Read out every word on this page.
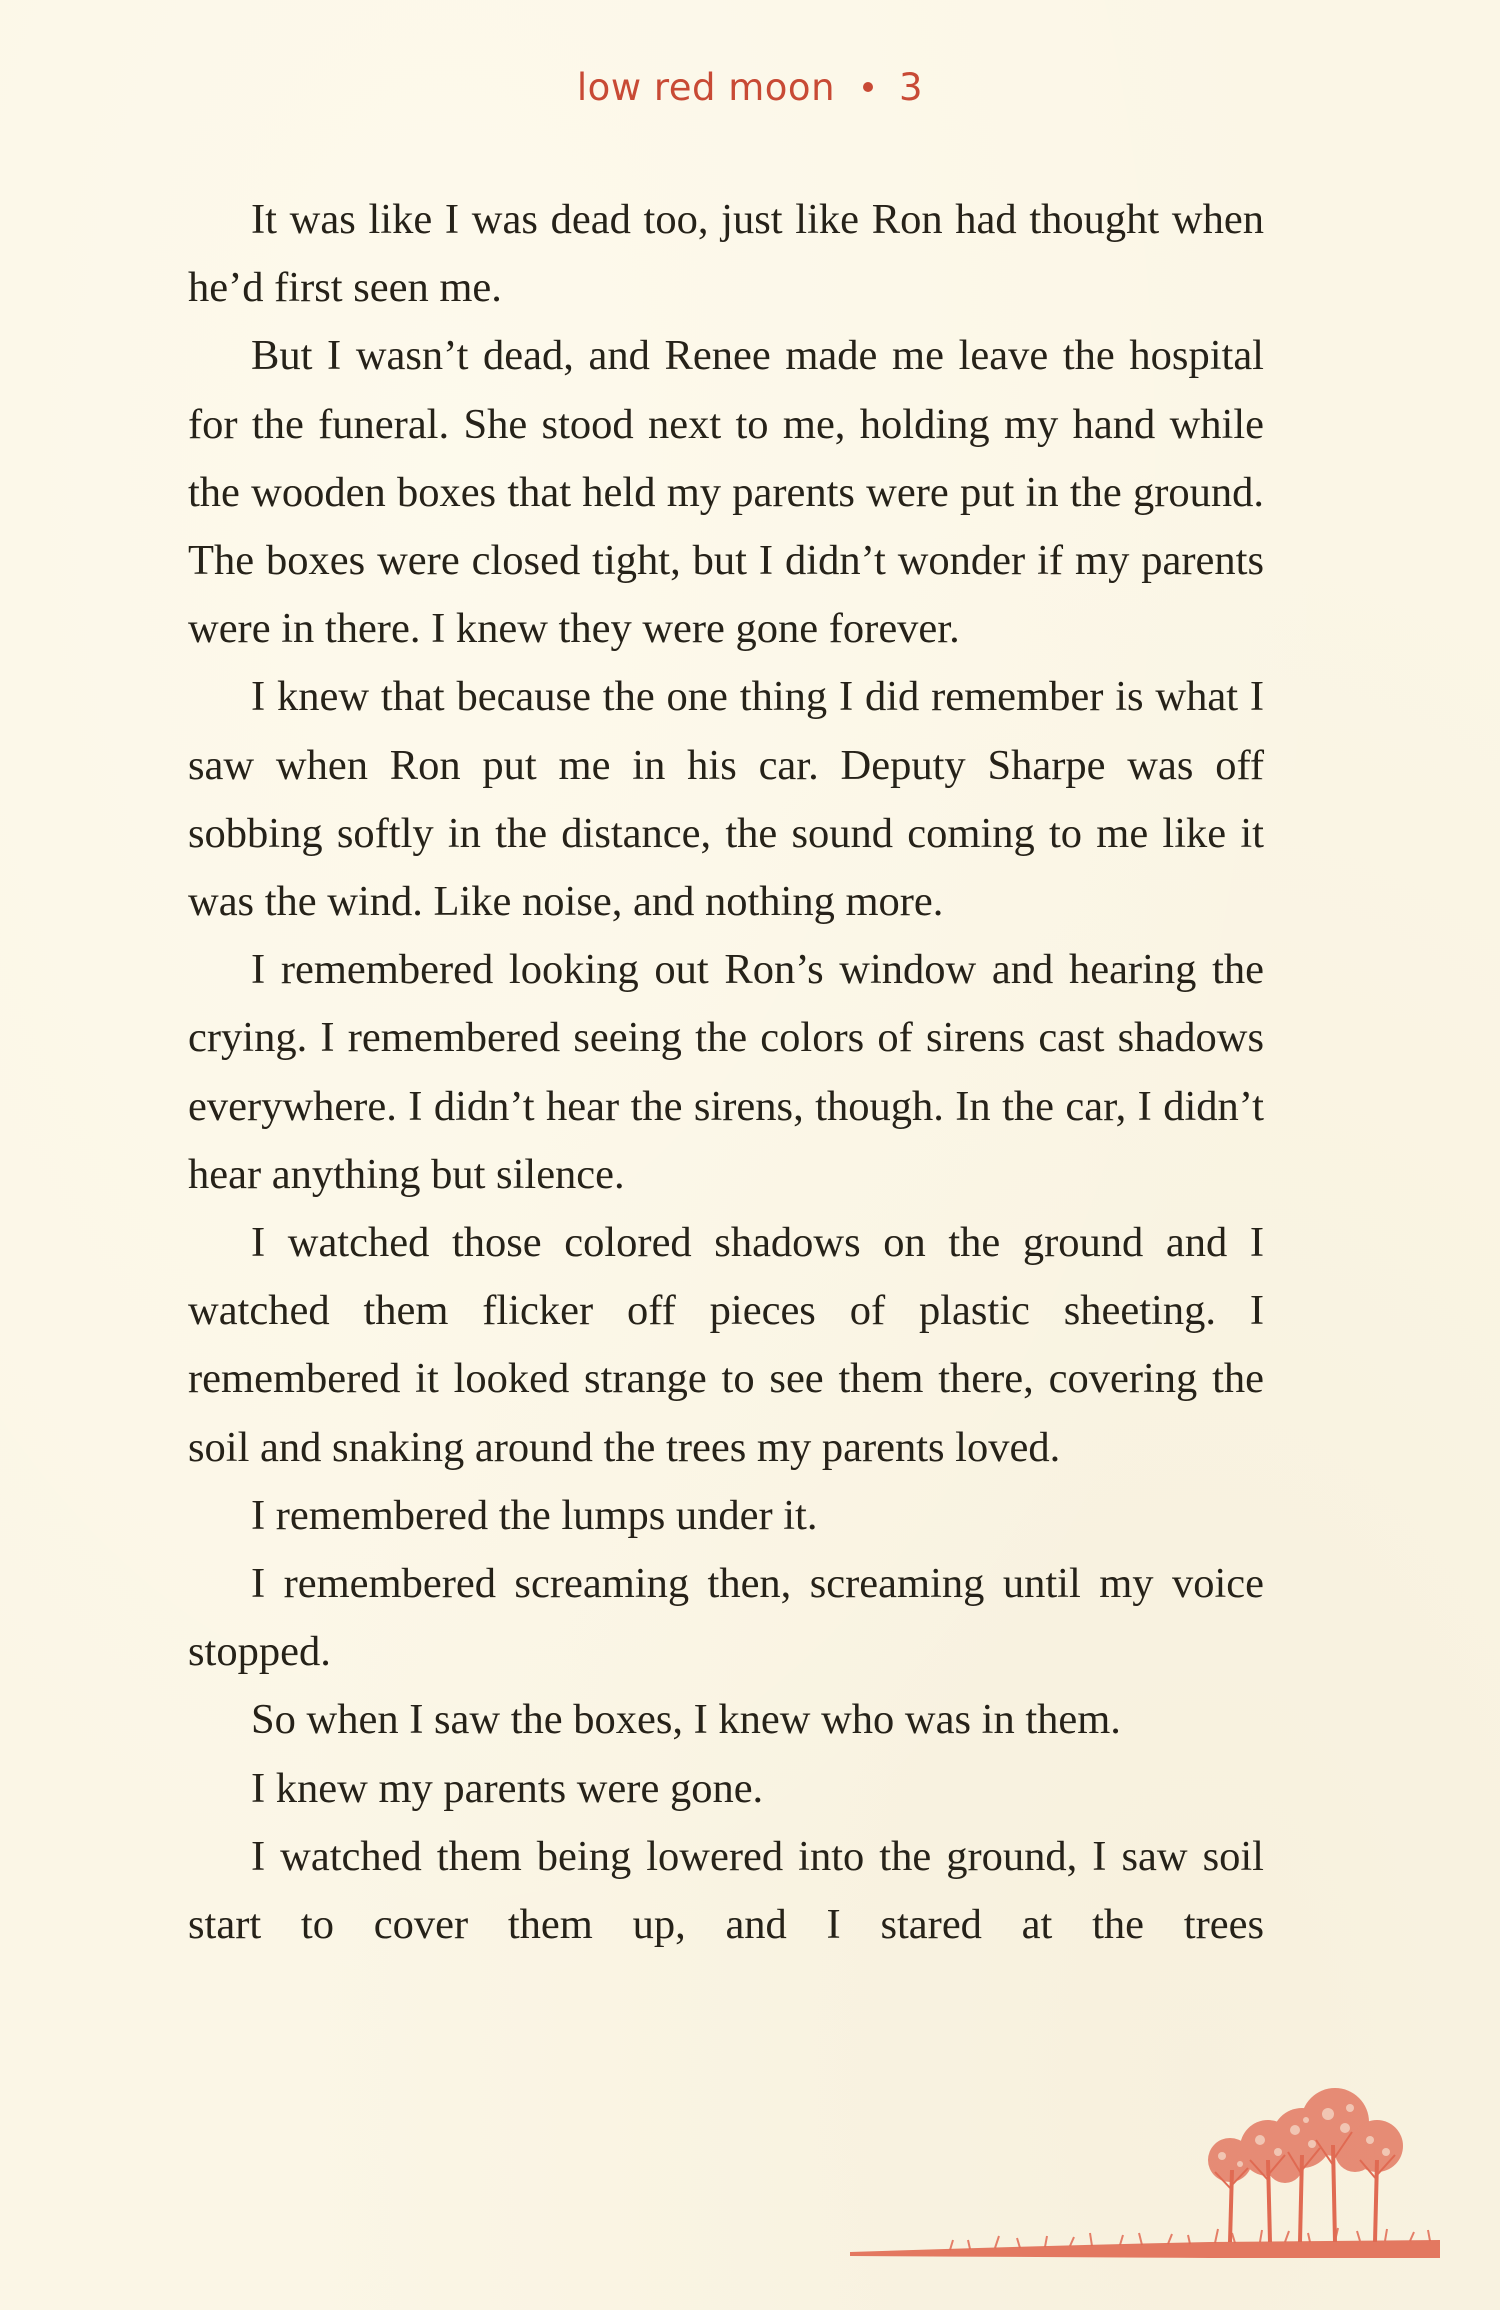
low red moon 3

It was like I was dead too, just like Ron had thought when he’d first seen me.

But I wasn’t dead, and Renee made me leave the hospital for the funeral. She stood next to me, holding my hand while the wooden boxes that held my parents were put in the ground. The boxes were closed tight, but I didn’t wonder if my parents were in there. I knew they were gone forever.

I knew that because the one thing I did remember is what I saw when Ron put me in his car. Deputy Sharpe was off sobbing softly in the distance, the sound coming to me like it was the wind. Like noise, and nothing more.

I remembered looking out Ron’s window and hearing the crying. I remembered seeing the colors of sirens cast shadows everywhere. I didn’t hear the sirens, though. In the car, I didn’t hear anything but silence.

I watched those colored shadows on the ground and I watched them flicker off pieces of plastic sheeting. I remembered it looked strange to see them there, covering the soil and snaking around the trees my parents loved.

I remembered the lumps under it.

I remembered screaming then, screaming until my voice stopped.

So when I saw the boxes, I knew who was in them.

I knew my parents were gone.

I watched them being lowered into the ground, I saw soil start to cover them up, and I stared at the trees
